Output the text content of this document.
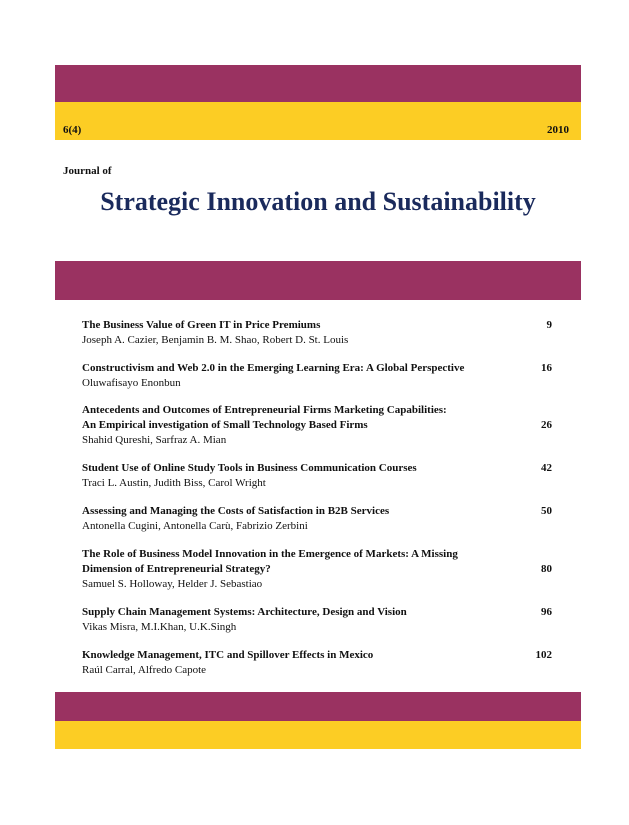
6(4)	2010
Journal of
Strategic Innovation and Sustainability
The Business Value of Green IT in Price Premiums	9
Joseph A. Cazier, Benjamin B. M. Shao, Robert D. St. Louis
Constructivism and Web 2.0 in the Emerging Learning Era: A Global Perspective	16
Oluwafisayo Enonbun
Antecedents and Outcomes of Entrepreneurial Firms Marketing Capabilities:
An Empirical investigation of Small Technology Based Firms	26
Shahid Qureshi, Sarfraz A. Mian
Student Use of Online Study Tools in Business Communication Courses	42
Traci L. Austin, Judith Biss, Carol Wright
Assessing and Managing the Costs of Satisfaction in B2B Services	50
Antonella Cugini, Antonella Carù, Fabrizio Zerbini
The Role of Business Model Innovation in the Emergence of Markets: A Missing
Dimension of Entrepreneurial Strategy?	80
Samuel S. Holloway, Helder J. Sebastiao
Supply Chain Management Systems: Architecture, Design and Vision	96
Vikas Misra, M.I.Khan, U.K.Singh
Knowledge Management, ITC and Spillover Effects in Mexico	102
Raúl Carral, Alfredo Capote
